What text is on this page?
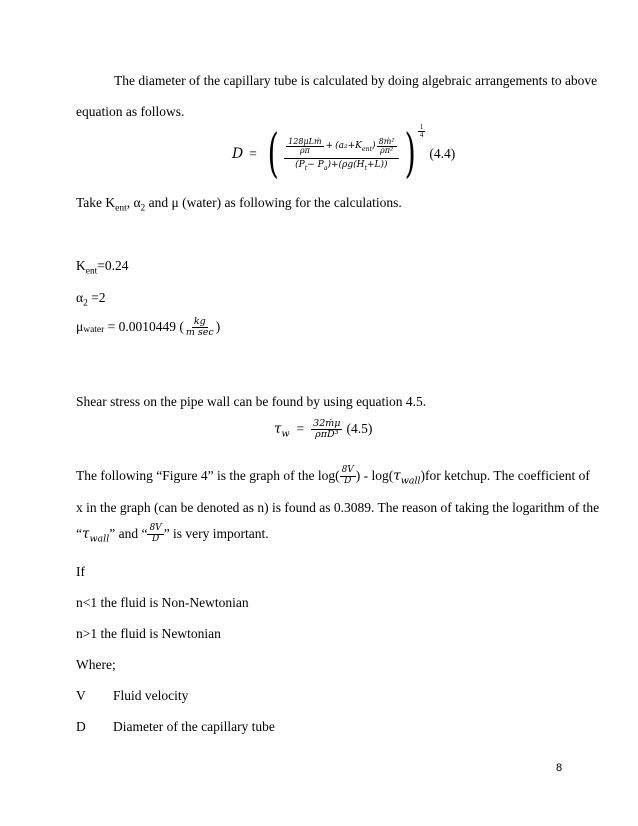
The diameter of the capillary tube is calculated by doing algebraic arrangements to above
equation as follows.
D = ( $\frac{\text{128μLṁ}}{\rho\pi} + (a_2+K_{ent}) \frac{\text{8ṁ²}}{\text{ρπ²}}$
$(P_t- P_a)+(\rho g(H_t+L))$ ) $\frac{1}{4}$
(4.4)
Take $K_{ent}$, $\alpha_2$ and μ (water) as following for the calculations.
$K_{ent}=0.24$
$\alpha_2 =2$
μ $_{water}$ = 0.0010449 ( $\frac{kg}{\text{m sec}}$ )
Shear stress on the pipe wall can be found by using equation 4.5.
$\tau_w = \frac{\text{32ṁμ}}{\text{ρπD³}} (4.5)$
The following “Figure 4” is the graph of the $\log( \frac{8V}{D}$ ) - log( $\tau_{wall}$ )for ketchup. The coefficient of
x in the graph (can be denoted as n) is found as 0.3089. The reason of taking the logarithm of the
“ $\tau_{wall}$ ” and “ $\frac{8V}{D}$ ” is very important.
If
n<1 the fluid is Non-Newtonian
n>1 the fluid is Newtonian
Where;
V Fluid velocity
D Diameter of the capillary tube
8
